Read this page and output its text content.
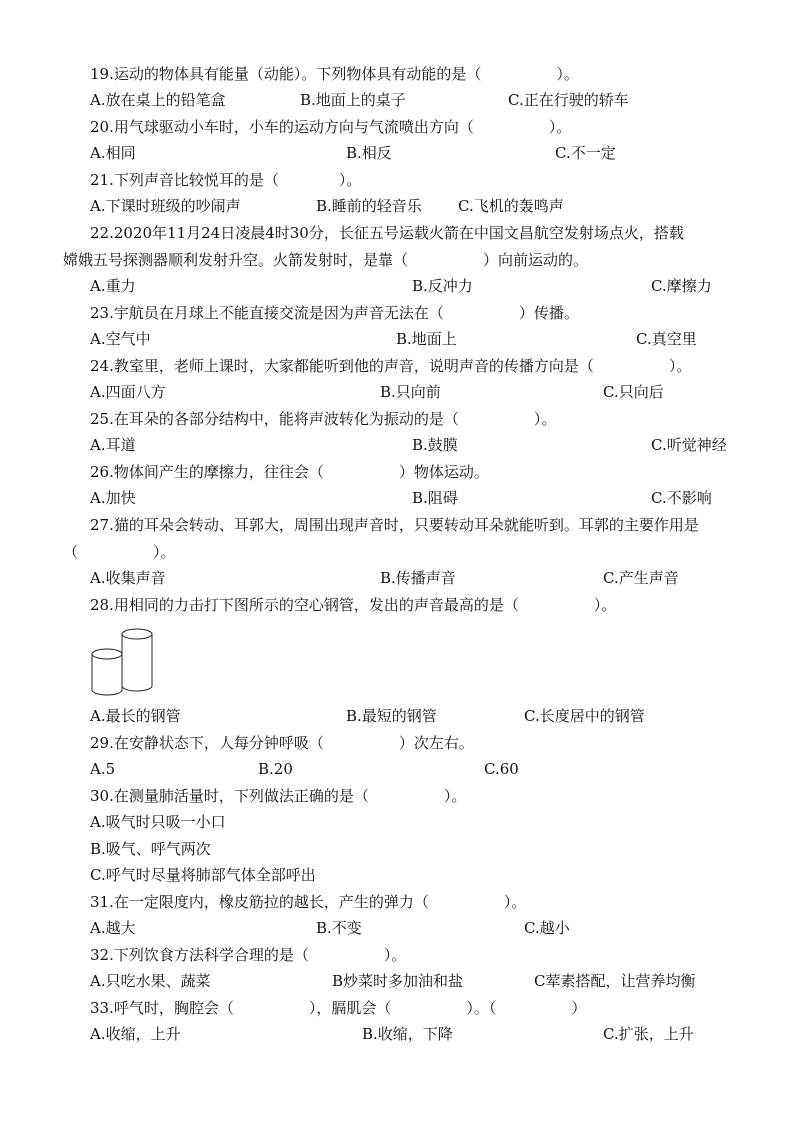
19.运动的物体具有能量（动能）。下列物体具有动能的是（　　　　　）。
A.放在桌上的铅笔盒	B.地面上的桌子	C.正在行驶的轿车
20.用气球驱动小车时，小车的运动方向与气流喷出方向（　　　　　）。
A.相同	B.相反	C.不一定
21.下列声音比较悦耳的是（　　　　）。
A.下课时班级的吵闹声	B.睡前的轻音乐 C.飞机的轰鸣声
22.2020年11月24日凌晨4时30分，长征五号运载火箭在中国文昌航空发射场点火，搭载
嫦娥五号探测器顺利发射升空。火箭发射时，是靠（　　　　　）向前运动的。
A.重力	B.反冲力	C.摩擦力
23.宇航员在月球上不能直接交流是因为声音无法在（　　　　　）传播。
A.空气中	B.地面上	C.真空里
24.教室里，老师上课时，大家都能听到他的声音，说明声音的传播方向是（　　　　　）。
A.四面八方	B.只向前	C.只向后
25.在耳朵的各部分结构中，能将声波转化为振动的是（　　　　　）。
A.耳道	B.鼓膜	C.听觉神经
26.物体间产生的摩擦力，往往会（　　　　　）物体运动。
A.加快	B.阻碍	C.不影响
27.猫的耳朵会转动、耳郭大，周围出现声音时，只要转动耳朵就能听到。耳郭的主要作用是
（　　　　　）。
A.收集声音	B.传播声音	C.产生声音
28.用相同的力击打下图所示的空心钢管，发出的声音最高的是（　　　　　）。
A.最长的钢管	B.最短的钢管	C.长度居中的钢管
29.在安静状态下，人每分钟呼吸（　　　　　）次左右。
A.5	B.20	C.60
30.在测量肺活量时，下列做法正确的是（　　　　　）。
A.吸气时只吸一小口
B.吸气、呼气两次
C.呼气时尽量将肺部气体全部呼出
31.在一定限度内，橡皮筋拉的越长，产生的弹力（　　　　　）。
A.越大	B.不变	C.越小
32.下列饮食方法科学合理的是（　　　　　）。
A.只吃水果、蔬菜	B炒菜时多加油和盐	C荤素搭配，让营养均衡
33.呼气时，胸腔会（　　　　　），膈肌会（　　　　　）。（　　　　　）
A.收缩，上升	B.收缩，下降	C.扩张，上升
